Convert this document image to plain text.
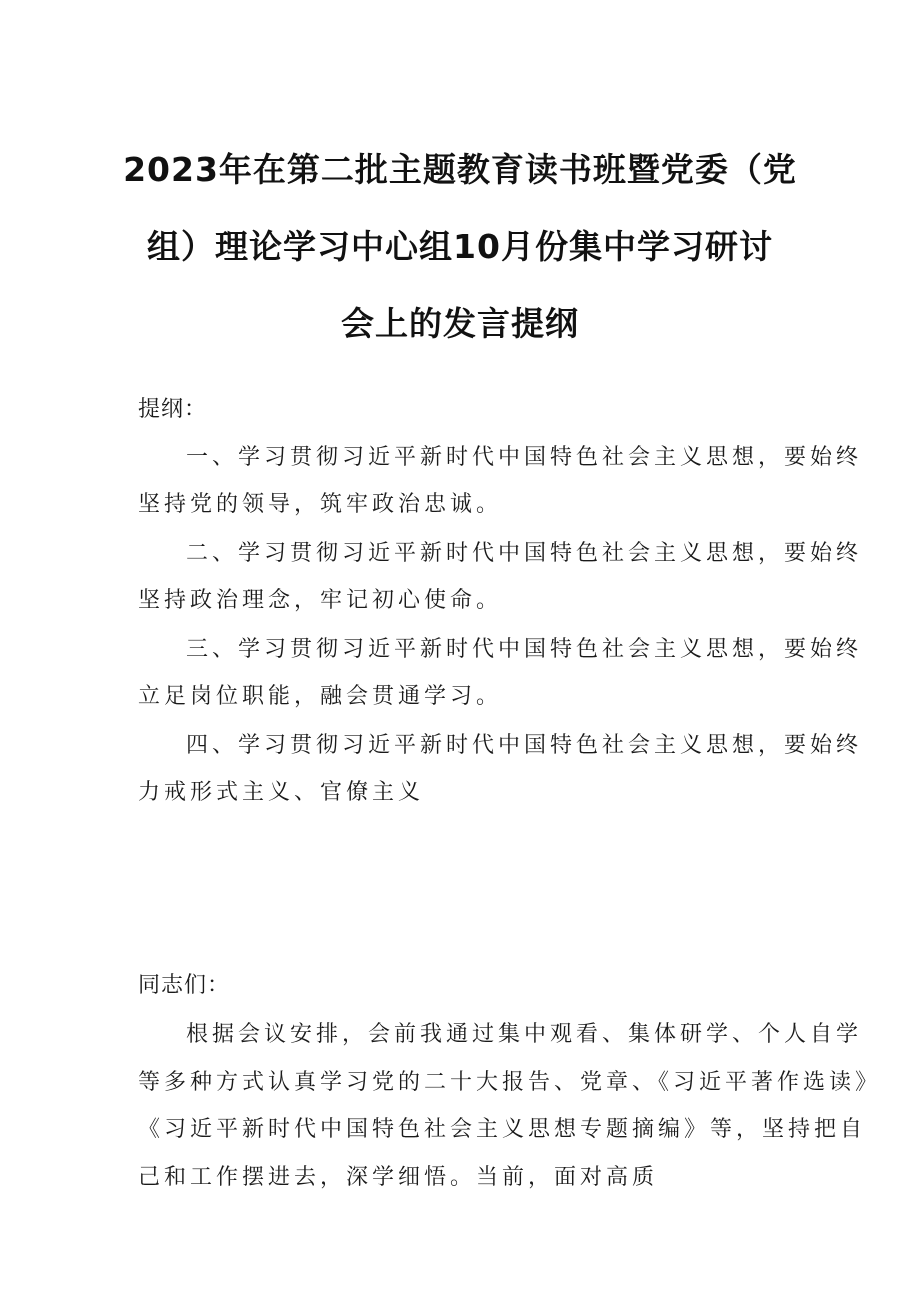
2023年在第二批主题教育读书班暨党委（党
组）理论学习中心组10月份集中学习研讨
会上的发言提纲
提纲：
一、学习贯彻习近平新时代中国特色社会主义思想，要始终
坚持党的领导，筑牢政治忠诚。
二、学习贯彻习近平新时代中国特色社会主义思想，要始终
坚持政治理念，牢记初心使命。
三、学习贯彻习近平新时代中国特色社会主义思想，要始终
立足岗位职能，融会贯通学习。
四、学习贯彻习近平新时代中国特色社会主义思想，要始终
力戒形式主义、官僚主义
同志们：
根据会议安排，会前我通过集中观看、集体研学、个人自学
等多种方式认真学习党的二十大报告、党章、《习近平著作选读》
《习近平新时代中国特色社会主义思想专题摘编》等，坚持把自
己和工作摆进去，深学细悟。当前，面对高质
